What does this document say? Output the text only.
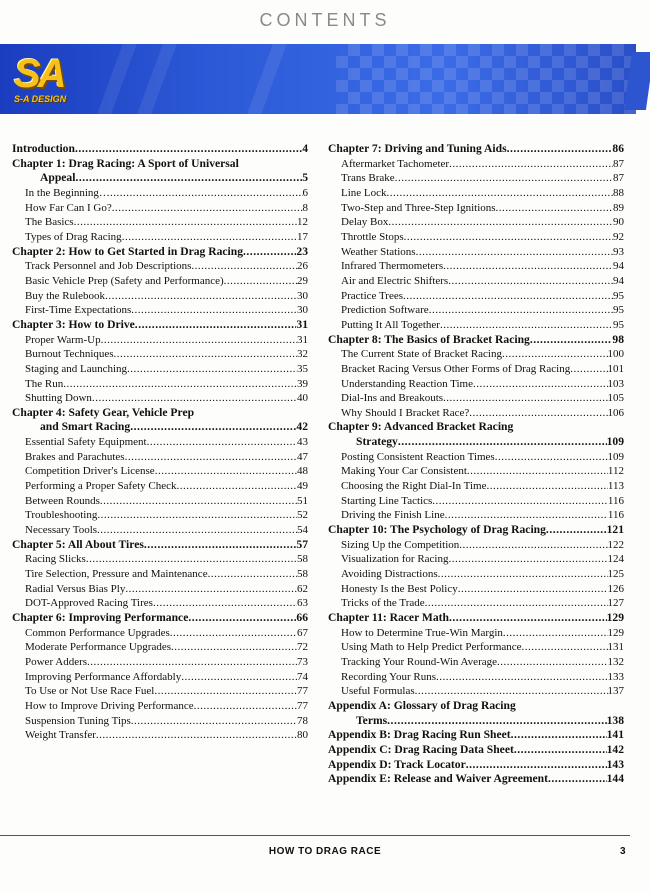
CONTENTS
SA
S-A DESIGN
Introduction .....	4
Chapter 1: Drag Racing: A Sport of Universal
Appeal .....	5
In the Beginning… .....	6
How Far Can I Go? .....	8
The Basics .....	12
Types of Drag Racing .....	17
Chapter 2: How to Get Started in Drag Racing .....	23
Track Personnel and Job Descriptions .....	26
Basic Vehicle Prep (Safety and Performance) .....	29
Buy the Rulebook .....	30
First-Time Expectations .....	30
Chapter 3: How to Drive .....	31
Proper Warm-Up .....	31
Burnout Techniques .....	32
Staging and Launching .....	35
The Run .....	39
Shutting Down .....	40
Chapter 4: Safety Gear, Vehicle Prep
and Smart Racing .....	42
Essential Safety Equipment .....	43
Brakes and Parachutes .....	47
Competition Driver's License .....	48
Performing a Proper Safety Check .....	49
Between Rounds .....	51
Troubleshooting .....	52
Necessary Tools .....	54
Chapter 5: All About Tires .....	57
Racing Slicks .....	58
Tire Selection, Pressure and Maintenance .....	58
Radial Versus Bias Ply .....	62
DOT-Approved Racing Tires .....	63
Chapter 6: Improving Performance .....	66
Common Performance Upgrades .....	67
Moderate Performance Upgrades .....	72
Power Adders .....	73
Improving Performance Affordably .....	74
To Use or Not Use Race Fuel .....	77
How to Improve Driving Performance .....	77
Suspension Tuning Tips .....	78
Weight Transfer .....	80
Chapter 7: Driving and Tuning Aids .....	86
Aftermarket Tachometer .....	87
Trans Brake .....	87
Line Lock .....	88
Two-Step and Three-Step Ignitions .....	89
Delay Box .....	90
Throttle Stops .....	92
Weather Stations .....	93
Infrared Thermometers .....	94
Air and Electric Shifters .....	94
Practice Trees .....	95
Prediction Software .....	95
Putting It All Together .....	95
Chapter 8: The Basics of Bracket Racing .....	98
The Current State of Bracket Racing .....	100
Bracket Racing Versus Other Forms of Drag Racing .....	101
Understanding Reaction Time .....	103
Dial-Ins and Breakouts .....	105
Why Should I Bracket Race? .....	106
Chapter 9: Advanced Bracket Racing
Strategy .....	109
Posting Consistent Reaction Times .....	109
Making Your Car Consistent .....	112
Choosing the Right Dial-In Time .....	113
Starting Line Tactics .....	116
Driving the Finish Line .....	116
Chapter 10: The Psychology of Drag Racing .....	121
Sizing Up the Competition .....	122
Visualization for Racing .....	124
Avoiding Distractions .....	125
Honesty Is the Best Policy .....	126
Tricks of the Trade .....	127
Chapter 11: Racer Math .....	129
How to Determine True-Win Margin .....	129
Using Math to Help Predict Performance .....	131
Tracking Your Round-Win Average .....	132
Recording Your Runs .....	133
Useful Formulas .....	137
Appendix A: Glossary of Drag Racing
Terms .....	138
Appendix B: Drag Racing Run Sheet .....	141
Appendix C: Drag Racing Data Sheet .....	142
Appendix D: Track Locator .....	143
Appendix E: Release and Waiver Agreement .....	144
HOW TO DRAG RACE	3
